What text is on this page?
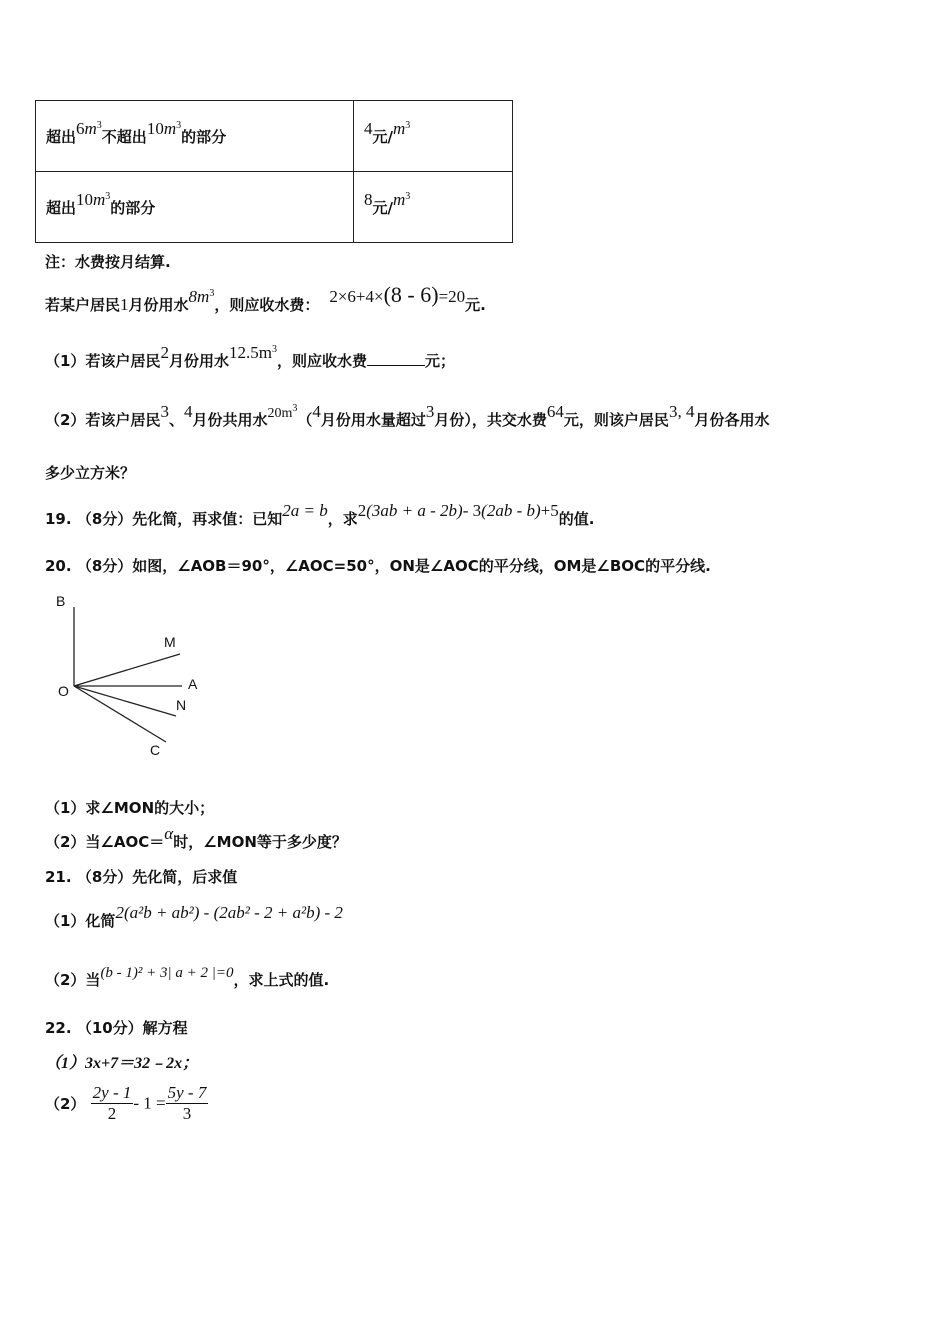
超出$6m^3$不超出$10m^3$的部分	4元$/m^3$
超出$10m^3$的部分	8元$/m^3$
注：水费按月结算.
若某户居民1月份用水$8m^3$，则应收水费： 2×6+4×(8 - 6)=20元.
（1）若该户居民2月份用水$12.5m^3$，则应收水费	元；
（2）若该户居民3、4月份共用水$20m^3(4$月份用水量超过3月份），共交水费64元，则该户居民3, 4月份各用水
多少立方米？
19. （8分）先化简，再求值：已知2a = b，求2(3ab + a - 2b)- 3(2ab - b)+5的值.
20. （8分）如图，∠AOB＝90°，∠AOC=50°，ON是∠AOC的平分线，OM是∠BOC的平分线.
B
M
O	A
N
C
（1）求∠MON的大小；
（2）当∠AOC＝α时，∠MON等于多少度？
21. （8分）先化简，后求值
（1）化简2(a²b + ab²) - (2ab² - 2 + a²b) - 2
（2）当(b - 1)² + 3| a + 2 |=0，求上式的值.
22. （10分）解方程
（1）3x+7＝32﹣2x；
$(2) \frac{2y - 1}{2} - 1 = \frac{5y - 7}{3}$
